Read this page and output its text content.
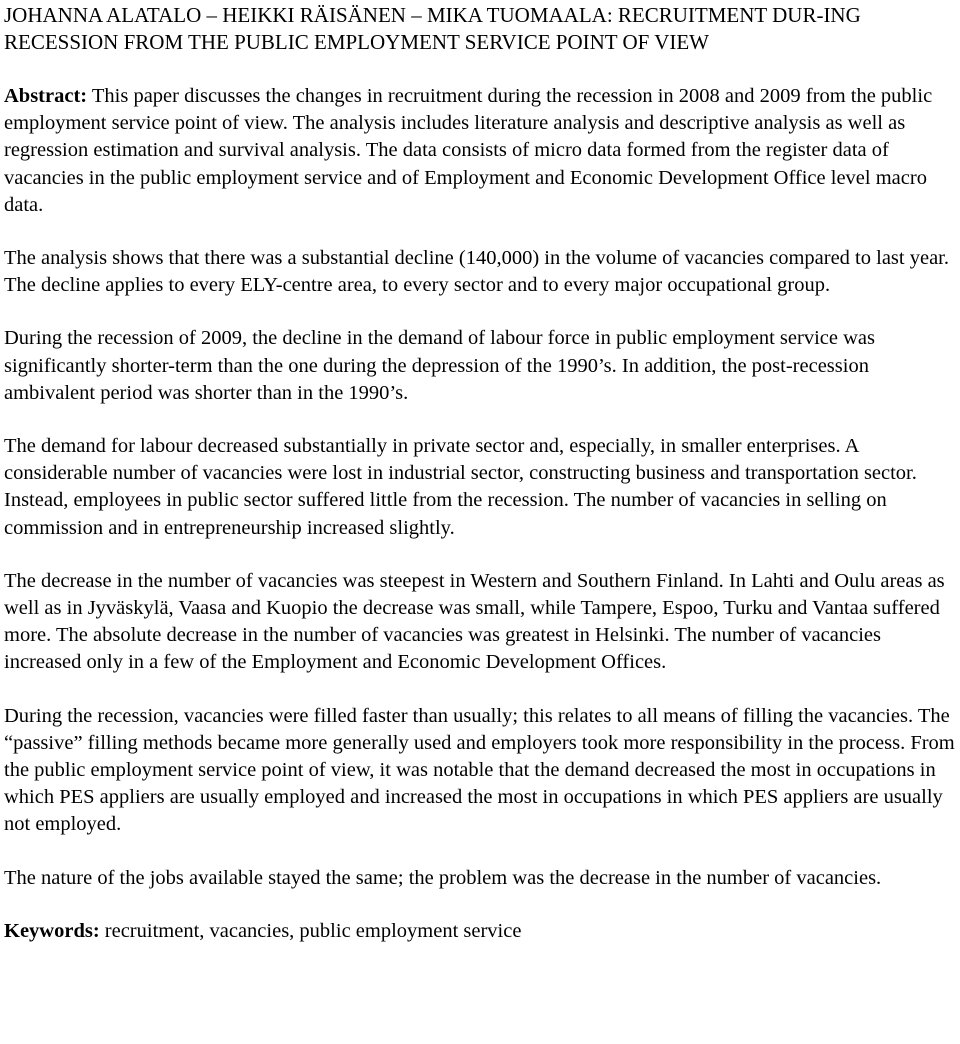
JOHANNA ALATALO – HEIKKI RÄISÄNEN – MIKA TUOMAALA: RECRUITMENT DUR-ING RECESSION FROM THE PUBLIC EMPLOYMENT SERVICE POINT OF VIEW

Abstract: This paper discusses the changes in recruitment during the recession in 2008 and 2009 from the public employment service point of view. The analysis includes literature analysis and descriptive analysis as well as regression estimation and survival analysis. The data consists of micro data formed from the register data of vacancies in the public employment service and of Employment and Economic Development Office level macro data.

The analysis shows that there was a substantial decline (140,000) in the volume of vacancies compared to last year. The decline applies to every ELY-centre area, to every sector and to every major occupational group.

During the recession of 2009, the decline in the demand of labour force in public employment service was significantly shorter-term than the one during the depression of the 1990’s. In addition, the post-recession ambivalent period was shorter than in the 1990’s.

The demand for labour decreased substantially in private sector and, especially, in smaller enterprises. A considerable number of vacancies were lost in industrial sector, constructing business and transportation sector. Instead, employees in public sector suffered little from the recession. The number of vacancies in selling on commission and in entrepreneurship increased slightly.

The decrease in the number of vacancies was steepest in Western and Southern Finland. In Lahti and Oulu areas as well as in Jyväskylä, Vaasa and Kuopio the decrease was small, while Tampere, Espoo, Turku and Vantaa suffered more. The absolute decrease in the number of vacancies was greatest in Helsinki. The number of vacancies increased only in a few of the Employment and Economic Development Offices.

During the recession, vacancies were filled faster than usually; this relates to all means of filling the vacancies. The “passive” filling methods became more generally used and employers took more responsibility in the process. From the public employment service point of view, it was notable that the demand decreased the most in occupations in which PES appliers are usually employed and increased the most in occupations in which PES appliers are usually not employed.

The nature of the jobs available stayed the same; the problem was the decrease in the number of vacancies.

Keywords: recruitment, vacancies, public employment service
